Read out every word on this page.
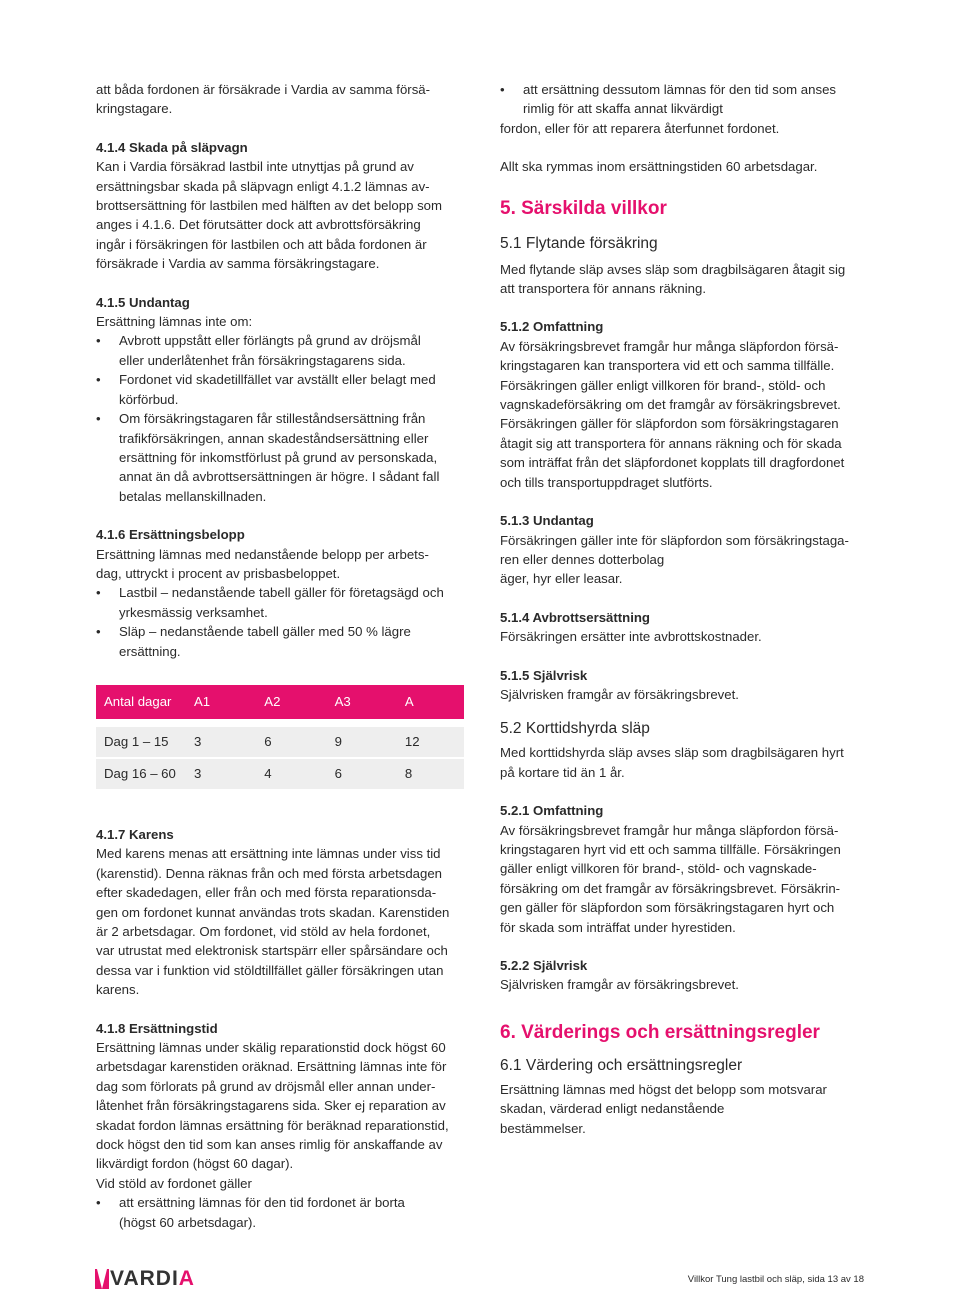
att båda fordonen är försäkrade i Vardia av samma försä-

kringstagare.

4.1.4 Skada på släpvagn

Kan i Vardia försäkrad lastbil inte utnyttjas på grund av

ersättningsbar skada på släpvagn enligt 4.1.2 lämnas av-

brottsersättning för lastbilen med hälften av det belopp som

anges i 4.1.6. Det förutsätter dock att avbrottsförsäkring

ingår i försäkringen för lastbilen och att båda fordonen är

försäkrade i Vardia av samma försäkringstagare.

4.1.5 Undantag

Ersättning lämnas inte om:

• Avbrott uppstått eller förlängts på grund av dröjsmål
eller underlåtenhet från försäkringstagarens sida.
• Fordonet vid skadetillfället var avställt eller belagt med
körförbud.
• Om försäkringstagaren får stilleståndsersättning från
trafikförsäkringen, annan skadeståndsersättning eller
ersättning för inkomstförlust på grund av personskada,
annat än då avbrottsersättningen är högre. I sådant fall
betalas mellanskillnaden.

4.1.6 Ersättningsbelopp

Ersättning lämnas med nedanstående belopp per arbets-

dag, uttryckt i procent av prisbasbeloppet.

• Lastbil – nedanstående tabell gäller för företagsägd och
yrkesmässig verksamhet.
• Släp – nedanstående tabell gäller med 50 % lägre
ersättning.
Antal dagar	A1	A2	A3	A

Dag 1 – 15	3	6	9	12
Dag 16 – 60	3	4	6	8

4.1.7 Karens

Med karens menas att ersättning inte lämnas under viss tid

(karenstid). Denna räknas från och med första arbetsdagen

efter skadedagen, eller från och med första reparationsda-

gen om fordonet kunnat användas trots skadan. Karenstiden

är 2 arbetsdagar. Om fordonet, vid stöld av hela fordonet,

var utrustat med elektronisk startspärr eller spårsändare och

dessa var i funktion vid stöldtillfället gäller försäkringen utan

karens.

4.1.8 Ersättningstid

Ersättning lämnas under skälig reparationstid dock högst 60

arbetsdagar karenstiden oräknad. Ersättning lämnas inte för

dag som förlorats på grund av dröjsmål eller annan under-

låtenhet från försäkringstagarens sida. Sker ej reparation av

skadat fordon lämnas ersättning för beräknad reparationstid,

dock högst den tid som kan anses rimlig för anskaffande av

likvärdigt fordon (högst 60 dagar).

Vid stöld av fordonet gäller

• att ersättning lämnas för den tid fordonet är borta
(högst 60 arbetsdagar).
• att ersättning dessutom lämnas för den tid som anses
rimlig för att skaffa annat likvärdigt
fordon, eller för att reparera återfunnet fordonet.

Allt ska rymmas inom ersättningstiden 60 arbetsdagar.

5. Särskilda villkor

5.1 Flytande försäkring

Med flytande släp avses släp som dragbilsägaren åtagit sig

att transportera för annans räkning.

5.1.2 Omfattning

Av försäkringsbrevet framgår hur många släpfordon försä-

kringstagaren kan transportera vid ett och samma tillfälle.

Försäkringen gäller enligt villkoren för brand-, stöld- och

vagnskadeförsäkring om det framgår av försäkringsbrevet.

Försäkringen gäller för släpfordon som försäkringstagaren

åtagit sig att transportera för annans räkning och för skada

som inträffat från det släpfordonet kopplats till dragfordonet

och tills transportuppdraget slutförts.

5.1.3 Undantag

Försäkringen gäller inte för släpfordon som försäkringstaga-

ren eller dennes dotterbolag

äger, hyr eller leasar.

5.1.4 Avbrottsersättning

Försäkringen ersätter inte avbrottskostnader.

5.1.5 Självrisk

Självrisken framgår av försäkringsbrevet.

5.2 Korttidshyrda släp

Med korttidshyrda släp avses släp som dragbilsägaren hyrt

på kortare tid än 1 år.

5.2.1 Omfattning

Av försäkringsbrevet framgår hur många släpfordon försä-

kringstagaren hyrt vid ett och samma tillfälle. Försäkringen

gäller enligt villkoren för brand-, stöld- och vagnskade-

försäkring om det framgår av försäkringsbrevet. Försäkrin-

gen gäller för släpfordon som försäkringstagaren hyrt och

för skada som inträffat under hyrestiden.

5.2.2 Självrisk

Självrisken framgår av försäkringsbrevet.

6. Värderings och ersättningsregler

6.1 Värdering och ersättningsregler

Ersättning lämnas med högst det belopp som motsvarar

skadan, värderad enligt nedanstående

bestämmelser.

VARDIA	Villkor Tung lastbil och släp, sida 13 av 18
